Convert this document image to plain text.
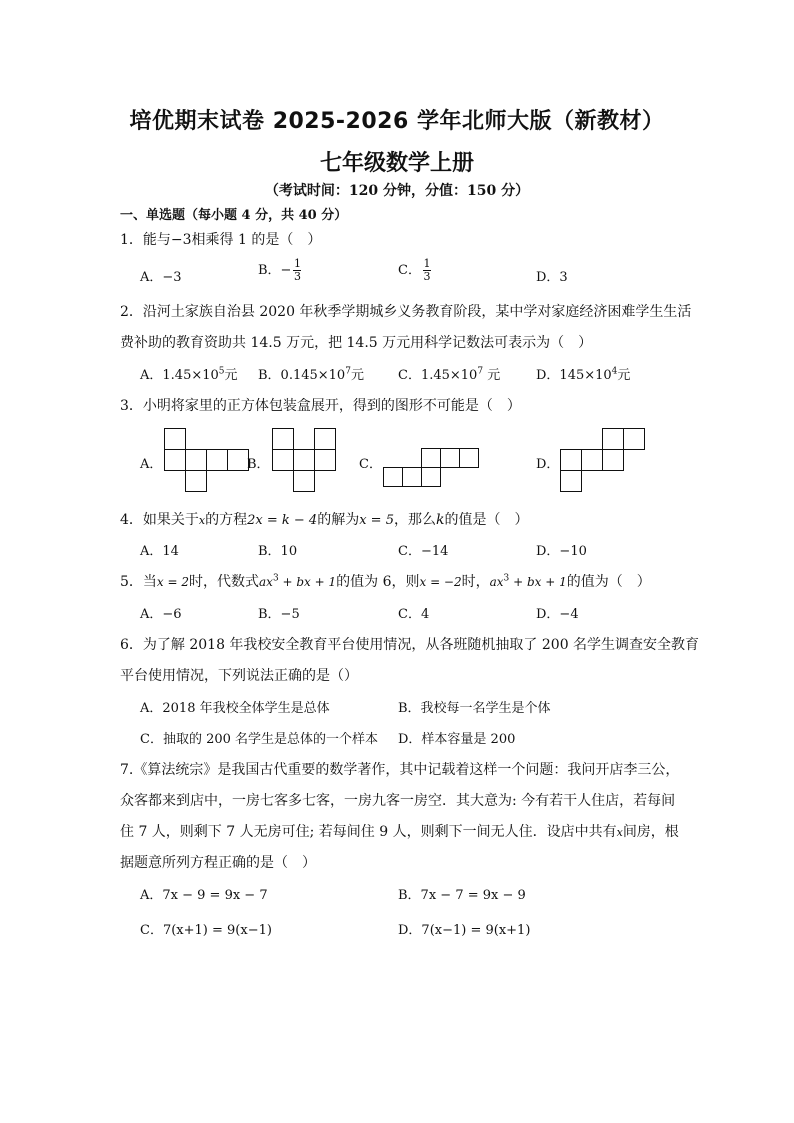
培优期末试卷 2025-2026 学年北师大版（新教材）
七年级数学上册
（考试时间：120 分钟，分值：150 分）
一、单选题（每小题 4 分，共 40 分）
1．能与−3相乘得 1 的是（　）
A．−3	B．− $\frac{1}{3}$	C． $\frac{1}{3}$	D．3
2．沿河土家族自治县 2020 年秋季学期城乡义务教育阶段，某中学对家庭经济困难学生生活
费补助的教育资助共 14.5 万元，把 14.5 万元用科学记数法可表示为（　）
A．$1.45\times 10^5$元 B．$0.145\times 10^7$元	C．$1.45\times 10^7$ 元	D．$145\times 10^4$元
3．小明将家里的正方体包装盒展开，得到的图形不可能是（　）
A．	B．	C．	D．
4．如果关于x的方程2x = k − 4的解为x = 5，那么k的值是（　）
A．14	B．10	C．−14	D．−10
5．当x = 2时，代数式$ax^3$ + bx + 1的值为 6，则x = −2时，$ax^3$ + bx + 1的值为（　）
A．−6	B．−5	C．4	D．−4
6．为了解 2018 年我校安全教育平台使用情况，从各班随机抽取了 200 名学生调查安全教育
平台使用情况，下列说法正确的是（）
A．2018 年我校全体学生是总体	B．我校每一名学生是个体
C．抽取的 200 名学生是总体的一个样本 D．样本容量是 200
7.《算法统宗》是我国古代重要的数学著作，其中记载着这样一个问题：我问开店李三公，
众客都来到店中，一房七客多七客，一房九客一房空．其大意为: 今有若干人住店，若每间
住 7 人，则剩下 7 人无房可住; 若每间住 9 人，则剩下一间无人住．设店中共有x间房，根
据题意所列方程正确的是（　）
A．7x − 9 = 9x − 7	B．7x − 7 = 9x − 9
C．7(x+1) = 9(x−1)	D．7(x−1) = 9(x+1)
